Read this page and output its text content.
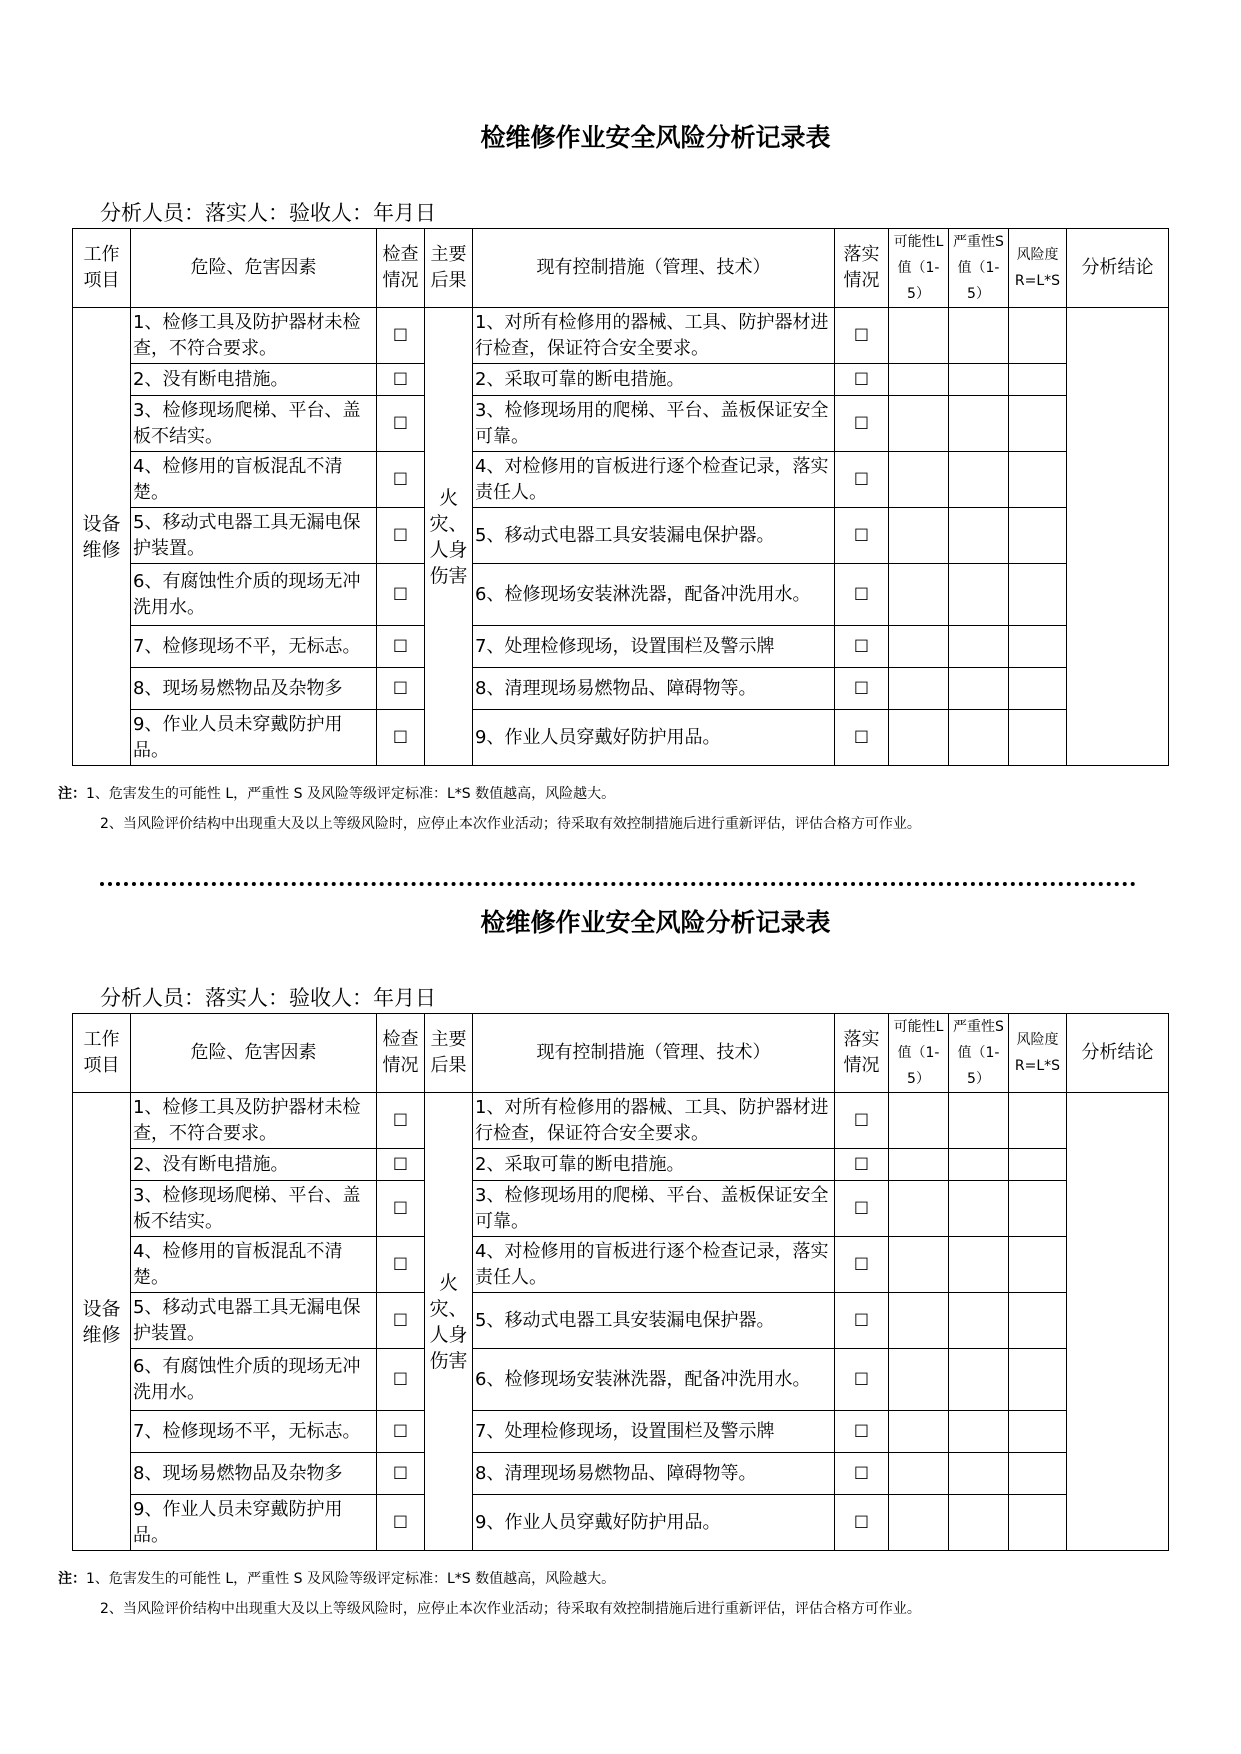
检维修作业安全风险分析记录表
分析人员：落实人：验收人：年月日
工作项目	危险、危害因素	检查情况	主要后果	现有控制措施（管理、技术）	落实情况	可能性L值（1-5）	严重性S值（1-5）	风险度R=L*S	分析结论
设备维修	1、检修工具及防护器材未检查，不符合要求。	☐	火灾、人身伤害	1、对所有检修用的器械、工具、防护器材进行检查，保证符合安全要求。	☐				
	2、没有断电措施。	☐		2、采取可靠的断电措施。	☐				
	3、检修现场爬梯、平台、盖板不结实。	☐		3、检修现场用的爬梯、平台、盖板保证安全可靠。	☐				
	4、检修用的盲板混乱不清楚。	☐		4、对检修用的盲板进行逐个检查记录，落实责任人。	☐				
	5、移动式电器工具无漏电保护装置。	☐		5、移动式电器工具安装漏电保护器。	☐				
	6、有腐蚀性介质的现场无冲洗用水。	☐		6、检修现场安装淋洗器，配备冲洗用水。	☐				
	7、检修现场不平，无标志。	☐		7、处理检修现场，设置围栏及警示牌	☐				
	8、现场易燃物品及杂物多	☐		8、清理现场易燃物品、障碍物等。	☐				
	9、作业人员未穿戴防护用品。	☐		9、作业人员穿戴好防护用品。	☐				
注：1、危害发生的可能性 L，严重性 S 及风险等级评定标准：L*S 数值越高，风险越大。
2、当风险评价结构中出现重大及以上等级风险时，应停止本次作业活动；待采取有效控制措施后进行重新评估，评估合格方可作业。
检维修作业安全风险分析记录表
分析人员：落实人：验收人：年月日
工作项目	危险、危害因素	检查情况	主要后果	现有控制措施（管理、技术）	落实情况	可能性L值（1-5）	严重性S值（1-5）	风险度R=L*S	分析结论
设备维修	1、检修工具及防护器材未检查，不符合要求。	☐	火灾、人身伤害	1、对所有检修用的器械、工具、防护器材进行检查，保证符合安全要求。	☐				
	2、没有断电措施。	☐		2、采取可靠的断电措施。	☐				
	3、检修现场爬梯、平台、盖板不结实。	☐		3、检修现场用的爬梯、平台、盖板保证安全可靠。	☐				
	4、检修用的盲板混乱不清楚。	☐		4、对检修用的盲板进行逐个检查记录，落实责任人。	☐				
	5、移动式电器工具无漏电保护装置。	☐		5、移动式电器工具安装漏电保护器。	☐				
	6、有腐蚀性介质的现场无冲洗用水。	☐		6、检修现场安装淋洗器，配备冲洗用水。	☐				
	7、检修现场不平，无标志。	☐		7、处理检修现场，设置围栏及警示牌	☐				
	8、现场易燃物品及杂物多	☐		8、清理现场易燃物品、障碍物等。	☐				
	9、作业人员未穿戴防护用品。	☐		9、作业人员穿戴好防护用品。	☐				
注：1、危害发生的可能性 L，严重性 S 及风险等级评定标准：L*S 数值越高，风险越大。
2、当风险评价结构中出现重大及以上等级风险时，应停止本次作业活动；待采取有效控制措施后进行重新评估，评估合格方可作业。
